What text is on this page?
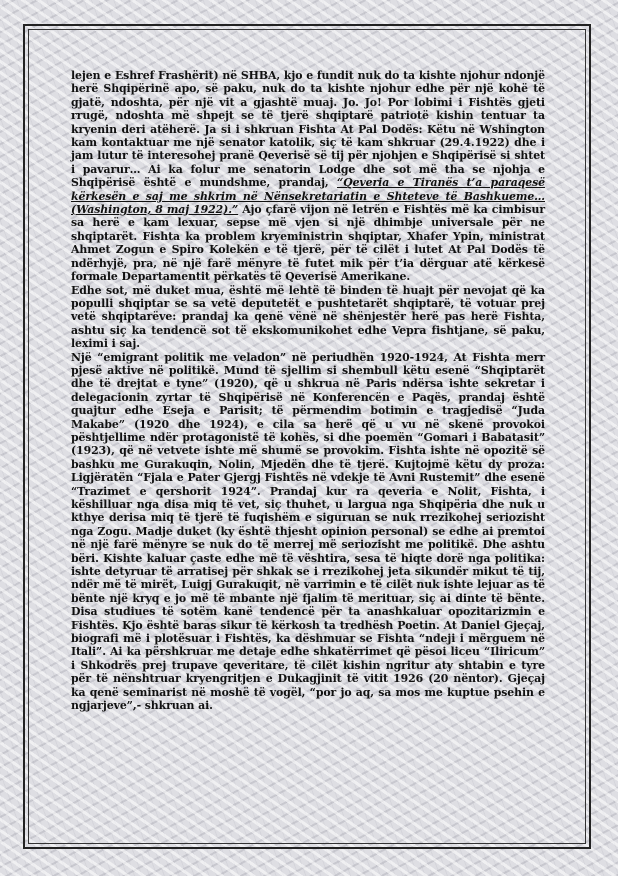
lejen e Eshref Frashërit) në SHBA, kjo e fundit nuk do ta kishte njohur ndonjë herë Shqipërinë apo, së paku, nuk do ta kishte njohur edhe për një kohë të gjatë, ndoshta, për një vit a gjashtë muaj. Jo. Jo! Por lobimi i Fishtës gjeti rrugë, ndoshta më shpejt se të tjerë shqiptarë patriotë kishin tentuar ta kryenin deri atëherë. Ja si i shkruan Fishta At Pal Dodës: Këtu në Wshington kam kontaktuar me një senator katolik, siç të kam shkruar (29.4.1922) dhe i jam lutur të interesohej pranë Qeverisë së tij për njohjen e Shqipërisë si shtet i pavarur… Ai ka folur me senatorin Lodge dhe sot më tha se njohja e Shqipërisë është e mundshme, prandaj, “Qeveria e Tiranës t’a paraqesë kërkesën e saj me shkrim në Nënsekretariatin e Shteteve të Bashkueme…(Washington, 8 maj 1922).” Ajo çfarë vijon në letrën e Fishtës më ka cimbisur sa herë e kam lexuar, sepse më vjen si një dhimbje universale për ne shqiptarët. Fishta ka problem kryeministrin shqiptar, Xhafer Ypin, ministrat Ahmet Zogun e Spiro Kolekën e të tjerë, për të cilët i lutet At Pal Dodës të ndërhyjë, pra, në një farë mënyre të futet mik për t’ia dërguar atë kërkesë formale Departamentit përkatës të Qeverisë Amerikane.

Edhe sot, më duket mua, është më lehtë të binden të huajt për nevojat që ka populli shqiptar se sa vetë deputetët e pushtetarët shqiptarë, të votuar prej vetë shqiptarëve: prandaj ka qenë vënë në shënjestër herë pas herë Fishta, ashtu siç ka tendencë sot të ekskomunikohet edhe Vepra fishtjane, së paku, leximi i saj.

Një “emigrant politik me veladon” në periudhën 1920-1924, At Fishta merr pjesë aktive në politikë. Mund të sjellim si shembull këtu esenë “Shqiptarët dhe të drejtat e tyne” (1920), që u shkrua në Paris ndërsa ishte sekretar i delegacionin zyrtar të Shqipërisë në Konferencën e Paqës, prandaj është quajtur edhe Eseja e Parisit; të përmendim botimin e tragjedisë “Juda Makabe” (1920 dhe 1924), e cila sa herë që u vu në skenë provokoi pështjellime ndër protagonistë të kohës, si dhe poemën “Gomari i Babatasit” (1923), që në vetvete ishte më shumë se provokim. Fishta ishte në opozitë së bashku me Gurakuqin, Nolin, Mjedën dhe të tjerë. Kujtojmë këtu dy proza: Ligjëratën “Fjala e Pater Gjergj Fishtës në vdekje të Avni Rustemit” dhe esenë “Trazimet e qershorit 1924”. Prandaj kur ra qeveria e Nolit, Fishta, i këshilluar nga disa miq të vet, siç thuhet, u largua nga Shqipëria dhe nuk u kthye derisa miq të tjerë të fuqishëm e siguruan se nuk rrezikohej seriozisht nga Zogu. Madje duket (ky është thjesht opinion personal) se edhe ai premtoi në një farë mënyre se nuk do të merrej më seriozisht me politikë. Dhe ashtu bëri. Kishte kaluar çaste edhe më të vështira, sesa të hiqte dorë nga politika: ishte detyruar të arratisej për shkak se i rrezikohej jeta sikundër mikut të tij, ndër më të mirët, Luigj Gurakuqit, në varrimin e të cilët nuk ishte lejuar as të bënte një kryq e jo më të mbante një fjalim të merituar, siç ai dinte të bënte. Disa studiues të sotëm kanë tendencë për ta anashkaluar opozitarizmin e Fishtës. Kjo është baras sikur të kërkosh ta tredhësh Poetin. At Daniel Gjeçaj, biografi më i plotësuar i Fishtës, ka dëshmuar se Fishta “ndeji i mërguem në Itali”. Ai ka përshkruar me detaje edhe shkatërrimet që pësoi liceu “Iliricum” i Shkodrës prej trupave qeveritare, të cilët kishin ngritur aty shtabin e tyre për të nënshtruar kryengritjen e Dukagjinit të vitit 1926 (20 nëntor). Gjeçaj ka qenë seminarist në moshë të vogël, “por jo aq, sa mos me kuptue psehin e ngjarjeve”,- shkruan ai.
